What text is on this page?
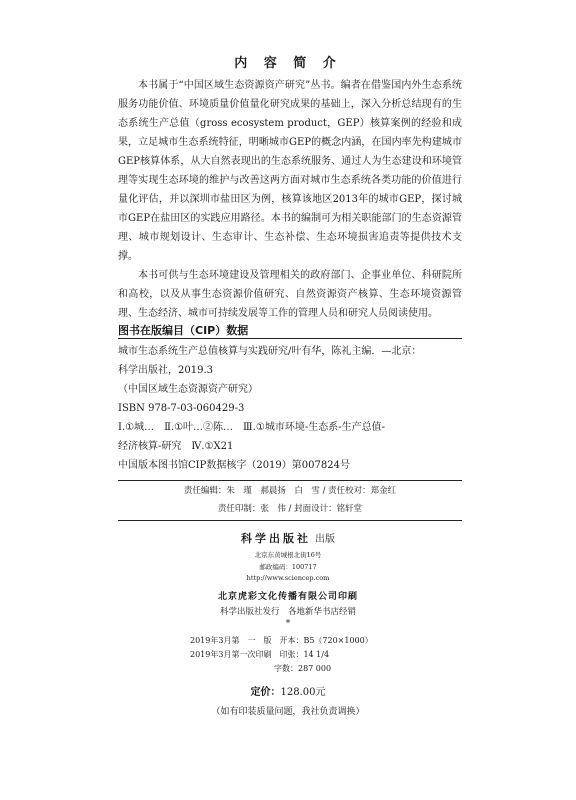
内 容 简 介

本书属于“中国区域生态资源资产研究”丛书。编者在借鉴国内外生态系统服务功能价值、环境质量价值量化研究成果的基础上，深入分析总结现有的生态系统生产总值（gross ecosystem product，GEP）核算案例的经验和成果，立足城市生态系统特征，明晰城市GEP的概念内涵，在国内率先构建城市GEP核算体系，从大自然表现出的生态系统服务、通过人为生态建设和环境管理等实现生态环境的维护与改善这两方面对城市生态系统各类功能的价值进行量化评估，并以深圳市盐田区为例，核算该地区2013年的城市GEP，探讨城市GEP在盐田区的实践应用路径。本书的编制可为相关职能部门的生态资源管理、城市规划设计、生态审计、生态补偿、生态环境损害追责等提供技术支撑。

本书可供与生态环境建设及管理相关的政府部门、企事业单位、科研院所和高校，以及从事生态资源价值研究、自然资源资产核算、生态环境资源管理、生态经济、城市可持续发展等工作的管理人员和研究人员阅读使用。

图书在版编目（CIP）数据
城市生态系统生产总值核算与实践研究/叶有华，陈礼主编．—北京：
科学出版社，2019.3
（中国区域生态资源资产研究）
ISBN 978-7-03-060429-3
Ⅰ.①城…　Ⅱ.①叶…②陈…　Ⅲ.①城市环境-生态系-生产总值-
经济核算-研究　Ⅳ.①X21
中国版本图书馆CIP数据核字（2019）第007824号
责任编辑：朱　瑾　郝晨扬　白　雪 / 责任校对：郑金红
责任印制：张　伟 / 封面设计：铭轩堂
科学出版社 出版
北京东黄城根北街16号
邮政编码：100717
http://www.sciencep.com
北京虎彩文化传播有限公司印刷
科学出版社发行　各地新华书店经销
*
2019年3月第　一　版　开本：B5（720×1000）
2019年3月第一次印刷　印张：14 1/4
字数：287 000
定价：128.00元
（如有印装质量问题，我社负责调换）
